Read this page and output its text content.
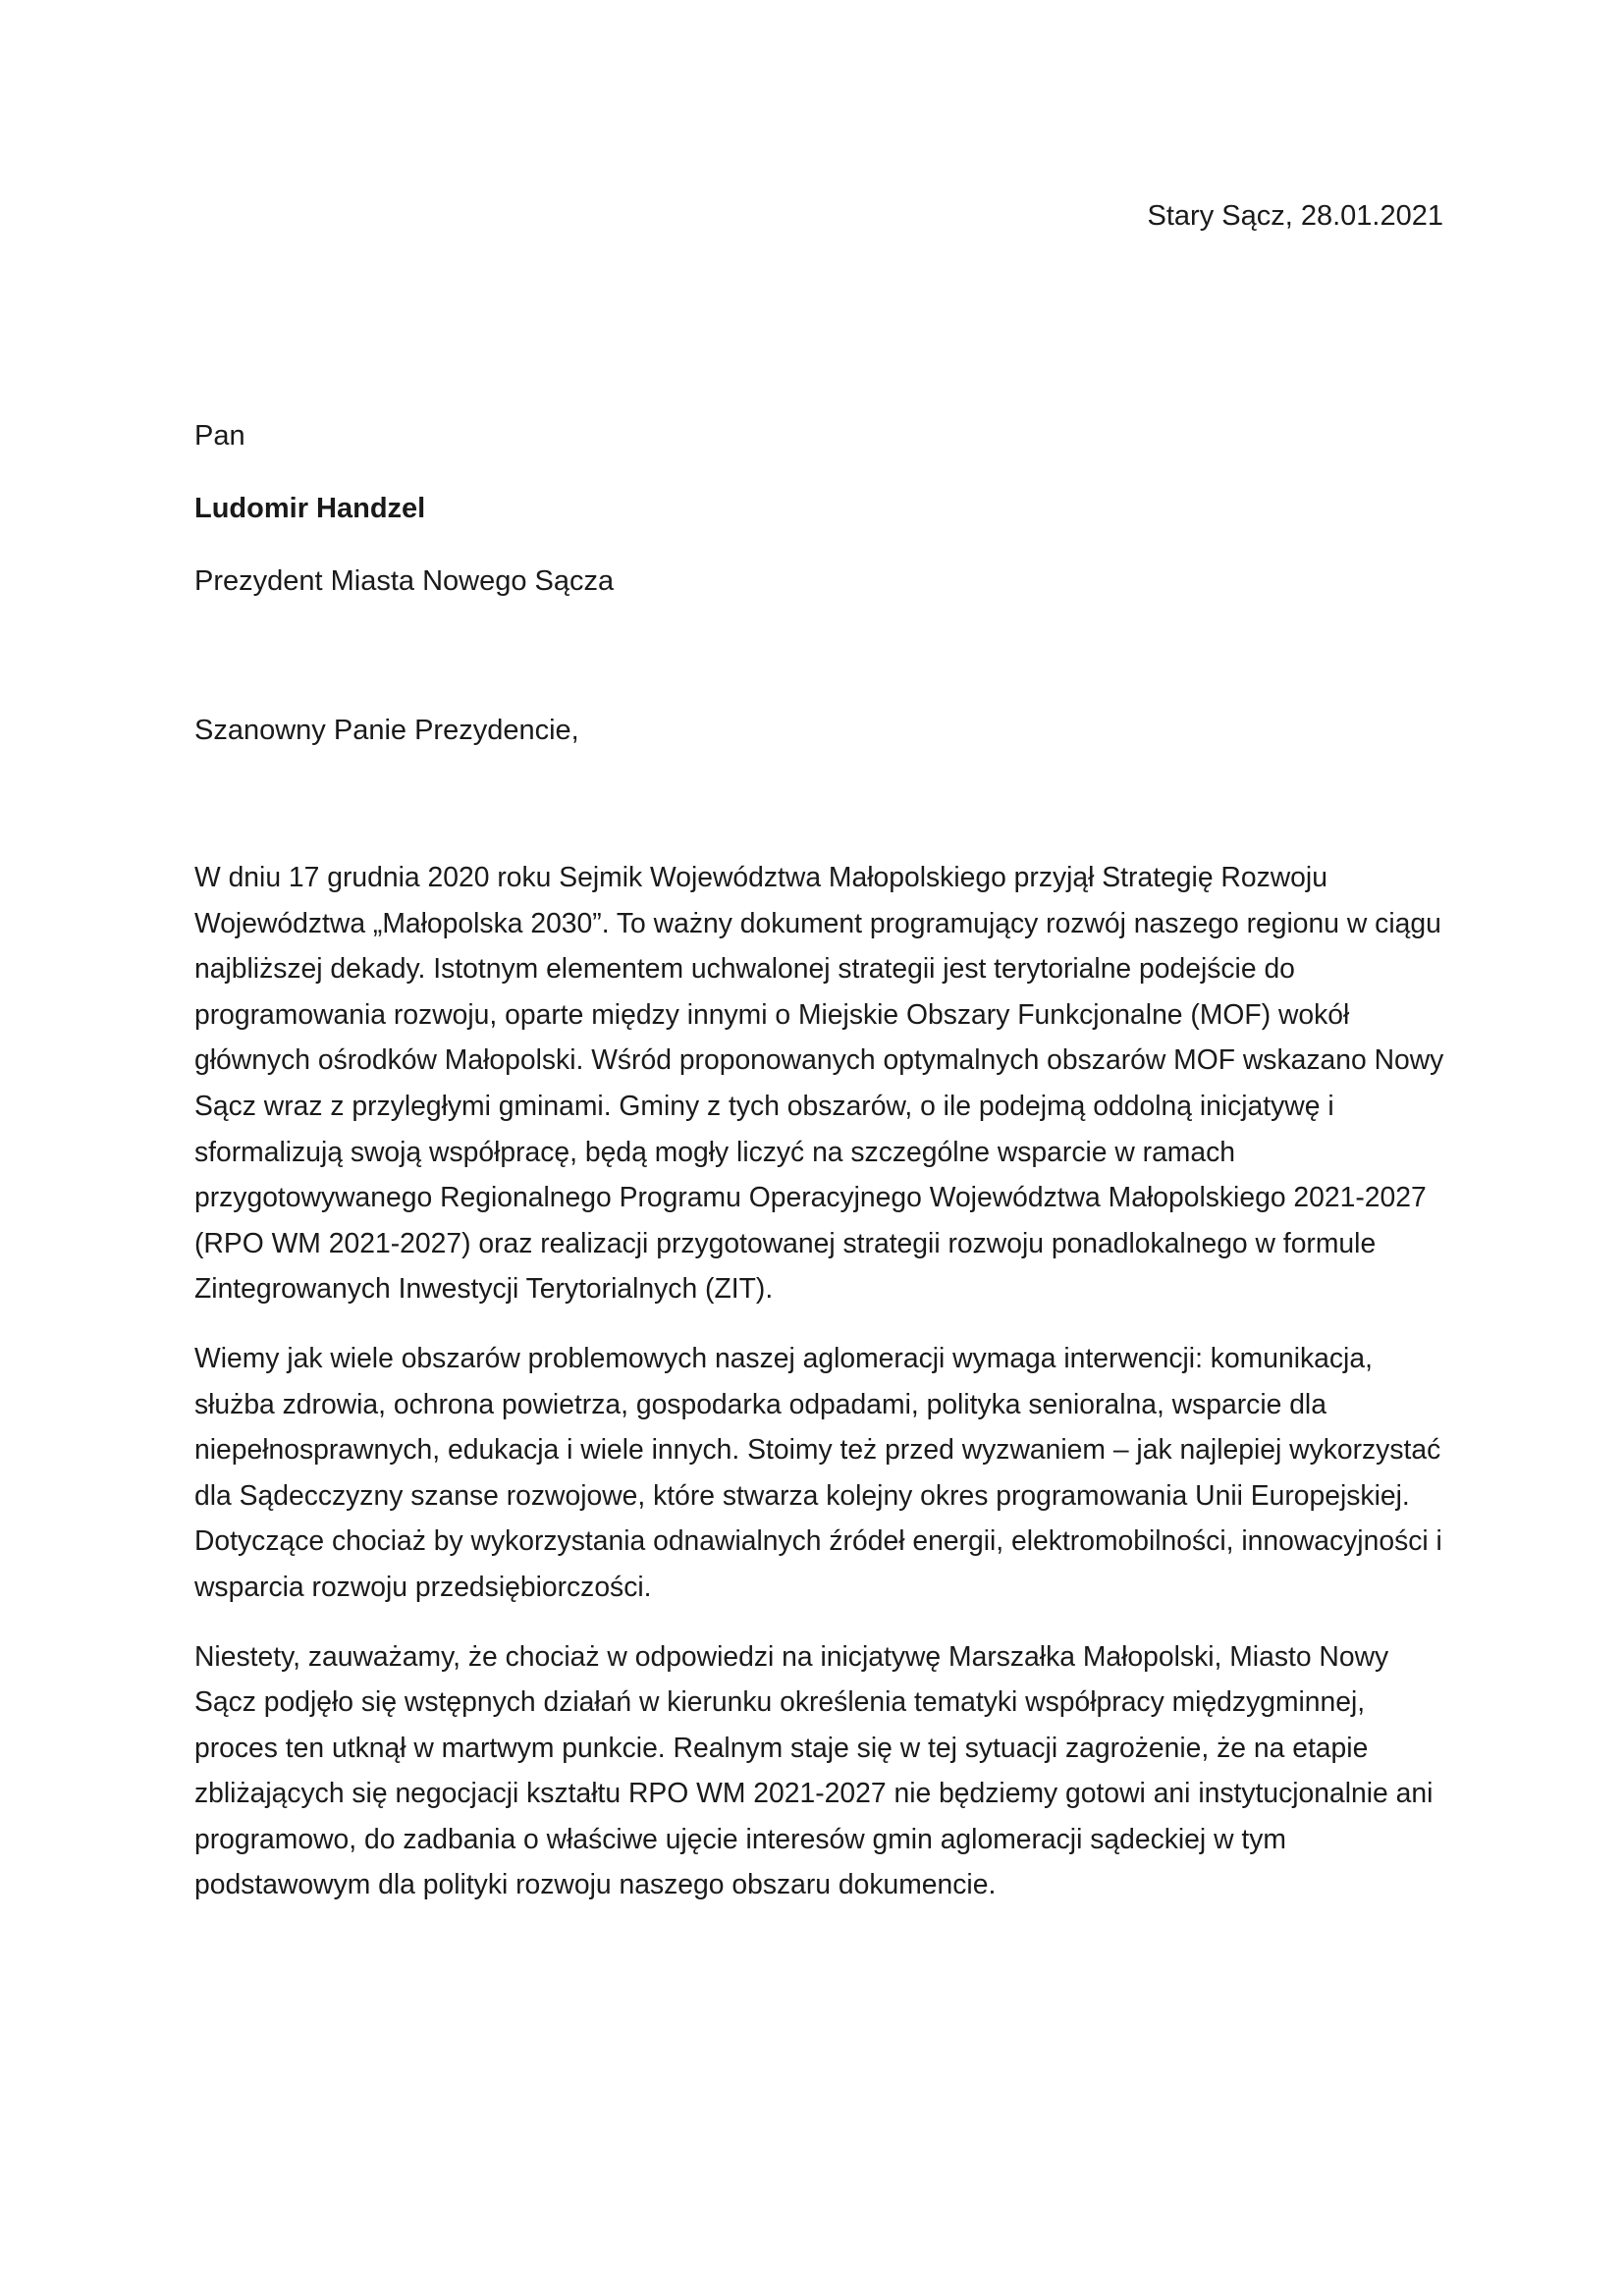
Stary Sącz, 28.01.2021

Pan

Ludomir Handzel

Prezydent Miasta Nowego Sącza

Szanowny Panie Prezydencie,

W dniu 17 grudnia 2020 roku Sejmik Województwa Małopolskiego przyjął Strategię Rozwoju Województwa „Małopolska 2030”. To ważny dokument programujący rozwój naszego regionu w ciągu najbliższej dekady. Istotnym elementem uchwalonej strategii jest terytorialne podejście do programowania rozwoju, oparte między innymi o Miejskie Obszary Funkcjonalne (MOF) wokół głównych ośrodków Małopolski. Wśród proponowanych optymalnych obszarów MOF wskazano Nowy Sącz wraz z przyległymi gminami. Gminy z tych obszarów, o ile podejmą oddolną inicjatywę i sformalizują swoją współpracę, będą mogły liczyć na szczególne wsparcie w ramach przygotowywanego Regionalnego Programu Operacyjnego Województwa Małopolskiego 2021-2027 (RPO WM 2021-2027) oraz realizacji przygotowanej strategii rozwoju ponadlokalnego w formule Zintegrowanych Inwestycji Terytorialnych (ZIT).

Wiemy jak wiele obszarów problemowych naszej aglomeracji wymaga interwencji: komunikacja, służba zdrowia, ochrona powietrza, gospodarka odpadami, polityka senioralna, wsparcie dla niepełnosprawnych, edukacja i wiele innych. Stoimy też przed wyzwaniem – jak najlepiej wykorzystać dla Sądecczyzny szanse rozwojowe, które stwarza kolejny okres programowania Unii Europejskiej. Dotyczące chociaż by wykorzystania odnawialnych źródeł energii, elektromobilności, innowacyjności i wsparcia rozwoju przedsiębiorczości.

Niestety, zauważamy, że chociaż w odpowiedzi na inicjatywę Marszałka Małopolski, Miasto Nowy Sącz podjęło się wstępnych działań w kierunku określenia tematyki współpracy międzygminnej, proces ten utknął w martwym punkcie. Realnym staje się w tej sytuacji zagrożenie, że na etapie zbliżających się negocjacji kształtu RPO WM 2021-2027 nie będziemy gotowi ani instytucjonalnie ani programowo, do zadbania o właściwe ujęcie interesów gmin aglomeracji sądeckiej w tym podstawowym dla polityki rozwoju naszego obszaru dokumencie.
